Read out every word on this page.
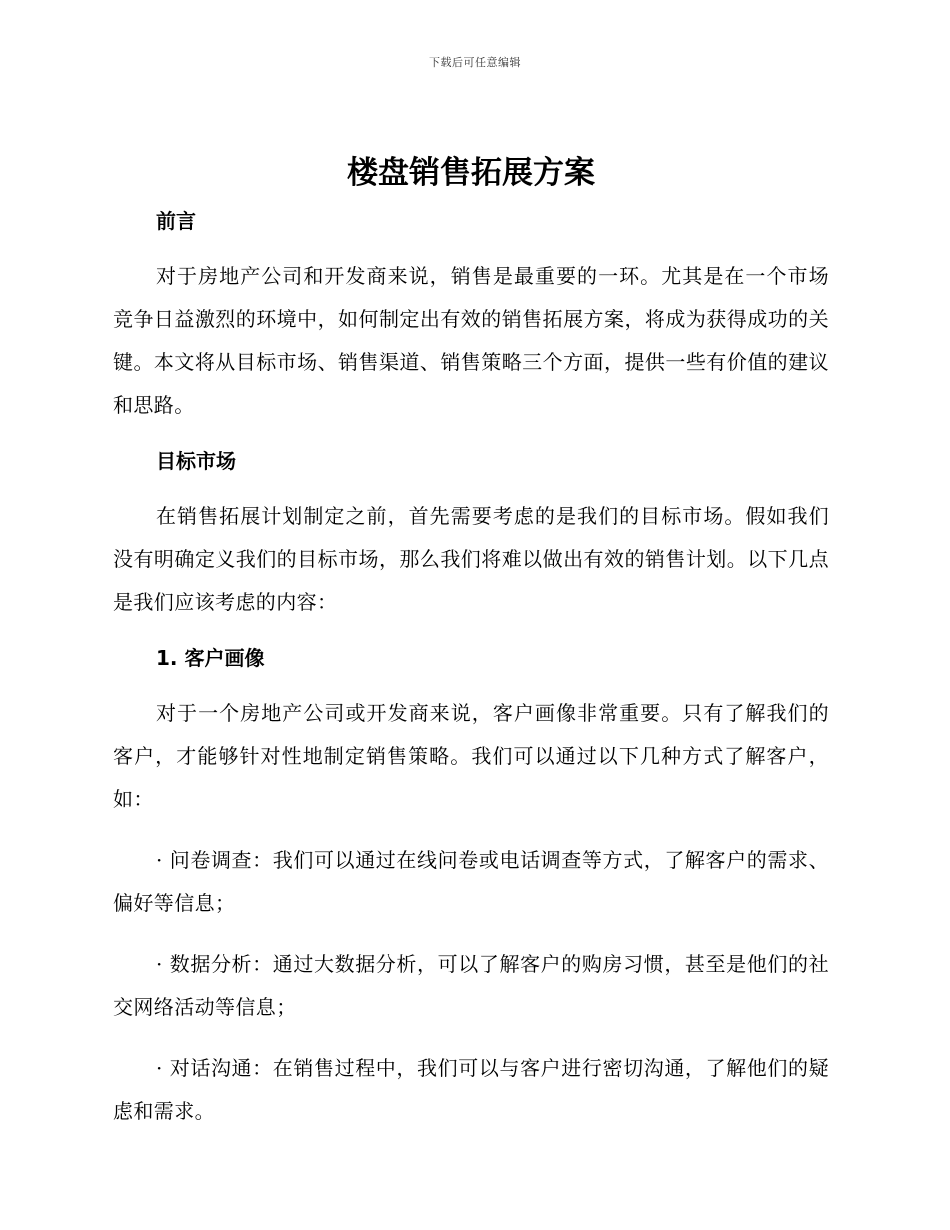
下载后可任意编辑
楼盘销售拓展方案
前言

对于房地产公司和开发商来说，销售是最重要的一环。尤其是在一个市场竞争日益激烈的环境中，如何制定出有效的销售拓展方案，将成为获得成功的关键。本文将从目标市场、销售渠道、销售策略三个方面，提供一些有价值的建议和思路。

目标市场

在销售拓展计划制定之前，首先需要考虑的是我们的目标市场。假如我们没有明确定义我们的目标市场，那么我们将难以做出有效的销售计划。以下几点是我们应该考虑的内容：

1. 客户画像

对于一个房地产公司或开发商来说，客户画像非常重要。只有了解我们的客户，才能够针对性地制定销售策略。我们可以通过以下几种方式了解客户，如：

· 问卷调查：我们可以通过在线问卷或电话调查等方式，了解客户的需求、偏好等信息；

· 数据分析：通过大数据分析，可以了解客户的购房习惯，甚至是他们的社交网络活动等信息；

· 对话沟通：在销售过程中，我们可以与客户进行密切沟通，了解他们的疑虑和需求。
